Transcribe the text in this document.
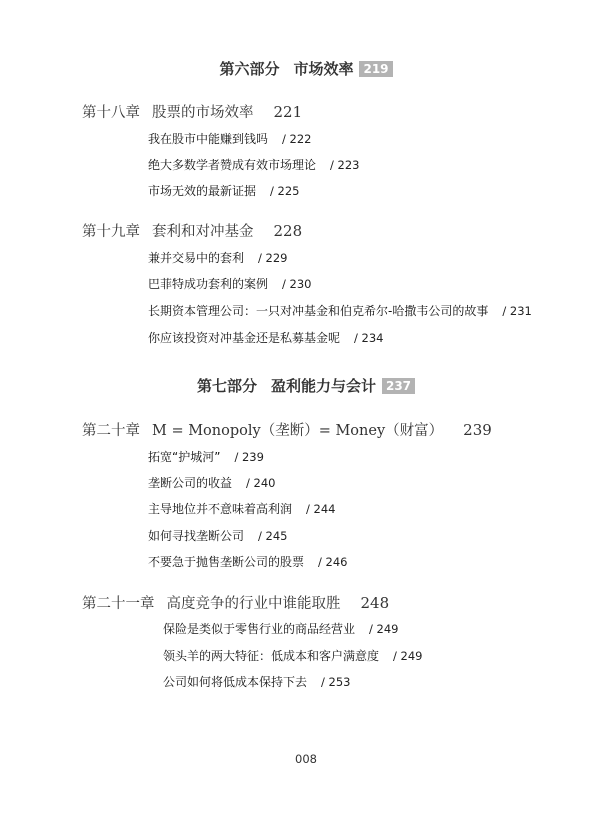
第六部分 市场效率 219
第十八章 股票的市场效率 221
我在股市中能赚到钱吗 / 222
绝大多数学者赞成有效市场理论 / 223
市场无效的最新证据 / 225
第十九章 套利和对冲基金 228
兼并交易中的套利 / 229
巴菲特成功套利的案例 / 230
长期资本管理公司：一只对冲基金和伯克希尔-哈撒韦公司的故事 / 231
你应该投资对冲基金还是私募基金呢 / 234
第七部分 盈利能力与会计 237
第二十章 M = Monopoly（垄断）= Money（财富） 239
拓宽“护城河” / 239
垄断公司的收益 / 240
主导地位并不意味着高利润 / 244
如何寻找垄断公司 / 245
不要急于抛售垄断公司的股票 / 246
第二十一章 高度竞争的行业中谁能取胜 248
保险是类似于零售行业的商品经营业 / 249
领头羊的两大特征：低成本和客户满意度 / 249
公司如何将低成本保持下去 / 253
008
